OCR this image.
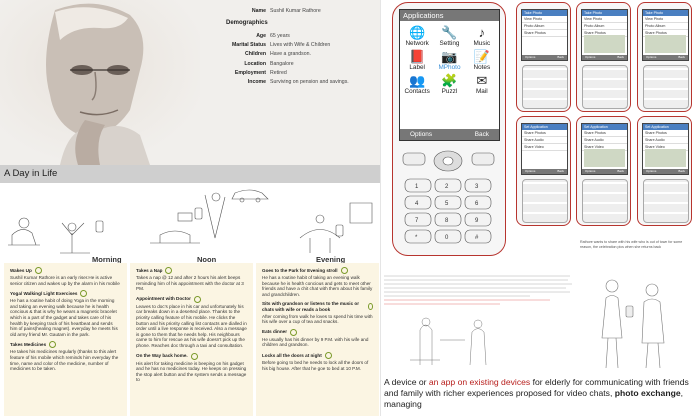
Name Sushil Kumar Rathore
Demographics
Age 65 years
Marital Status Lives with Wife & Children
Children Have a grandson.
Location Bangalore
Employment Retired
Income Surviving on pension and savings.
A Day in Life
Morning	Noon	Evening
Wakes Up
Sushil Kumar Rathore is an early riser.He is active senior citizen and wakes up by the alarm in his mobile
Yoga/ Walking/ Light Exercises
He has a routine habit of doing Yoga in the morning and taking an evening walk because he is health concious & that is why he wears a magnetic bracelet which is a part of the gadget and takes care of his health by keeping track of his heartbeat and sends him of pains(healing magnet). everyday he meets his old army friend Mr. Gautam in the park.
Takes Medicines
He takes his medicines regularly (thanks to this alert feature of his mobile which reminds him everyday the time, name and color of the medicine, number of medicines to be taken.
Takes a Nap
Takes a nap @ 12 and after 2 hours his alert beeps reminding him of his appointment with the doctor at 3 PM.
Appointment with Doctor
Leaves to doc's place in his car and unfortunately his car breaks down in a deserted place. Thanks to the priority calling feature of his mobile. He clicks the button and his priority calling list contacts are dialled in order until a live response is received. Also a message is gone to them that he needs help. His neighbours came to him for rescue as his wife doesn't pick up the phone. Reaches doc through a taxi and consultation.
On the Way back home.
His alert for taking medicine is beeping on his gadget and he has no medicines today. He keeps on pressing the stop alert button and the system sends a message to
Goes to the Park for Evening stroll
He has a routine habit of taking an evening walk because he is health concious and gets to meet other friends and have a chit chat with them about his family and grandchildren.
Sits with grandson or listens to the music or chats with wife or reads a book
After coming from walk he loves to spend his time with his wife over a cup of tea and snacks.
Eats dinner
He usually has his dinner by 9 P.M. with his wife and children and grandson.
Locks all the doors at night
Before going to bed he needs to lock all the doors of his big house. After that he goe to bed at 10 P.M.
Applications
🌐
Network
🔧
Setting
♪
Music
📕
Label
📷
MPhoto
📝
Notes
👥
Contacts
🧩
Puzzl
✉
Mail
Options	Back
1	2	3
4	5	6
7	8	9
*	0	#
Take Photo
View Photo
Photo Album
Share Photos
Options	Back
Take Photo
View Photo
Photo Album
Share Photos
Options	Back
Take Photo
View Photo
Photo Album
Share Photos
Options	Back
Set Application
Share Photos
Share Audio
Share Video
Options	Back
Set Application
Share Photos
Share Audio
Share Video
Options	Back
Set Application
Share Photos
Share Audio
Share Video
Options	Back
Rathore wants to share with his wife who is out of town for some reason, the celebration pics when she returns back
A device or an app on existing devices for elderly for communicating with friends and family with richer experiences proposed for video chats, photo exchange, managing
